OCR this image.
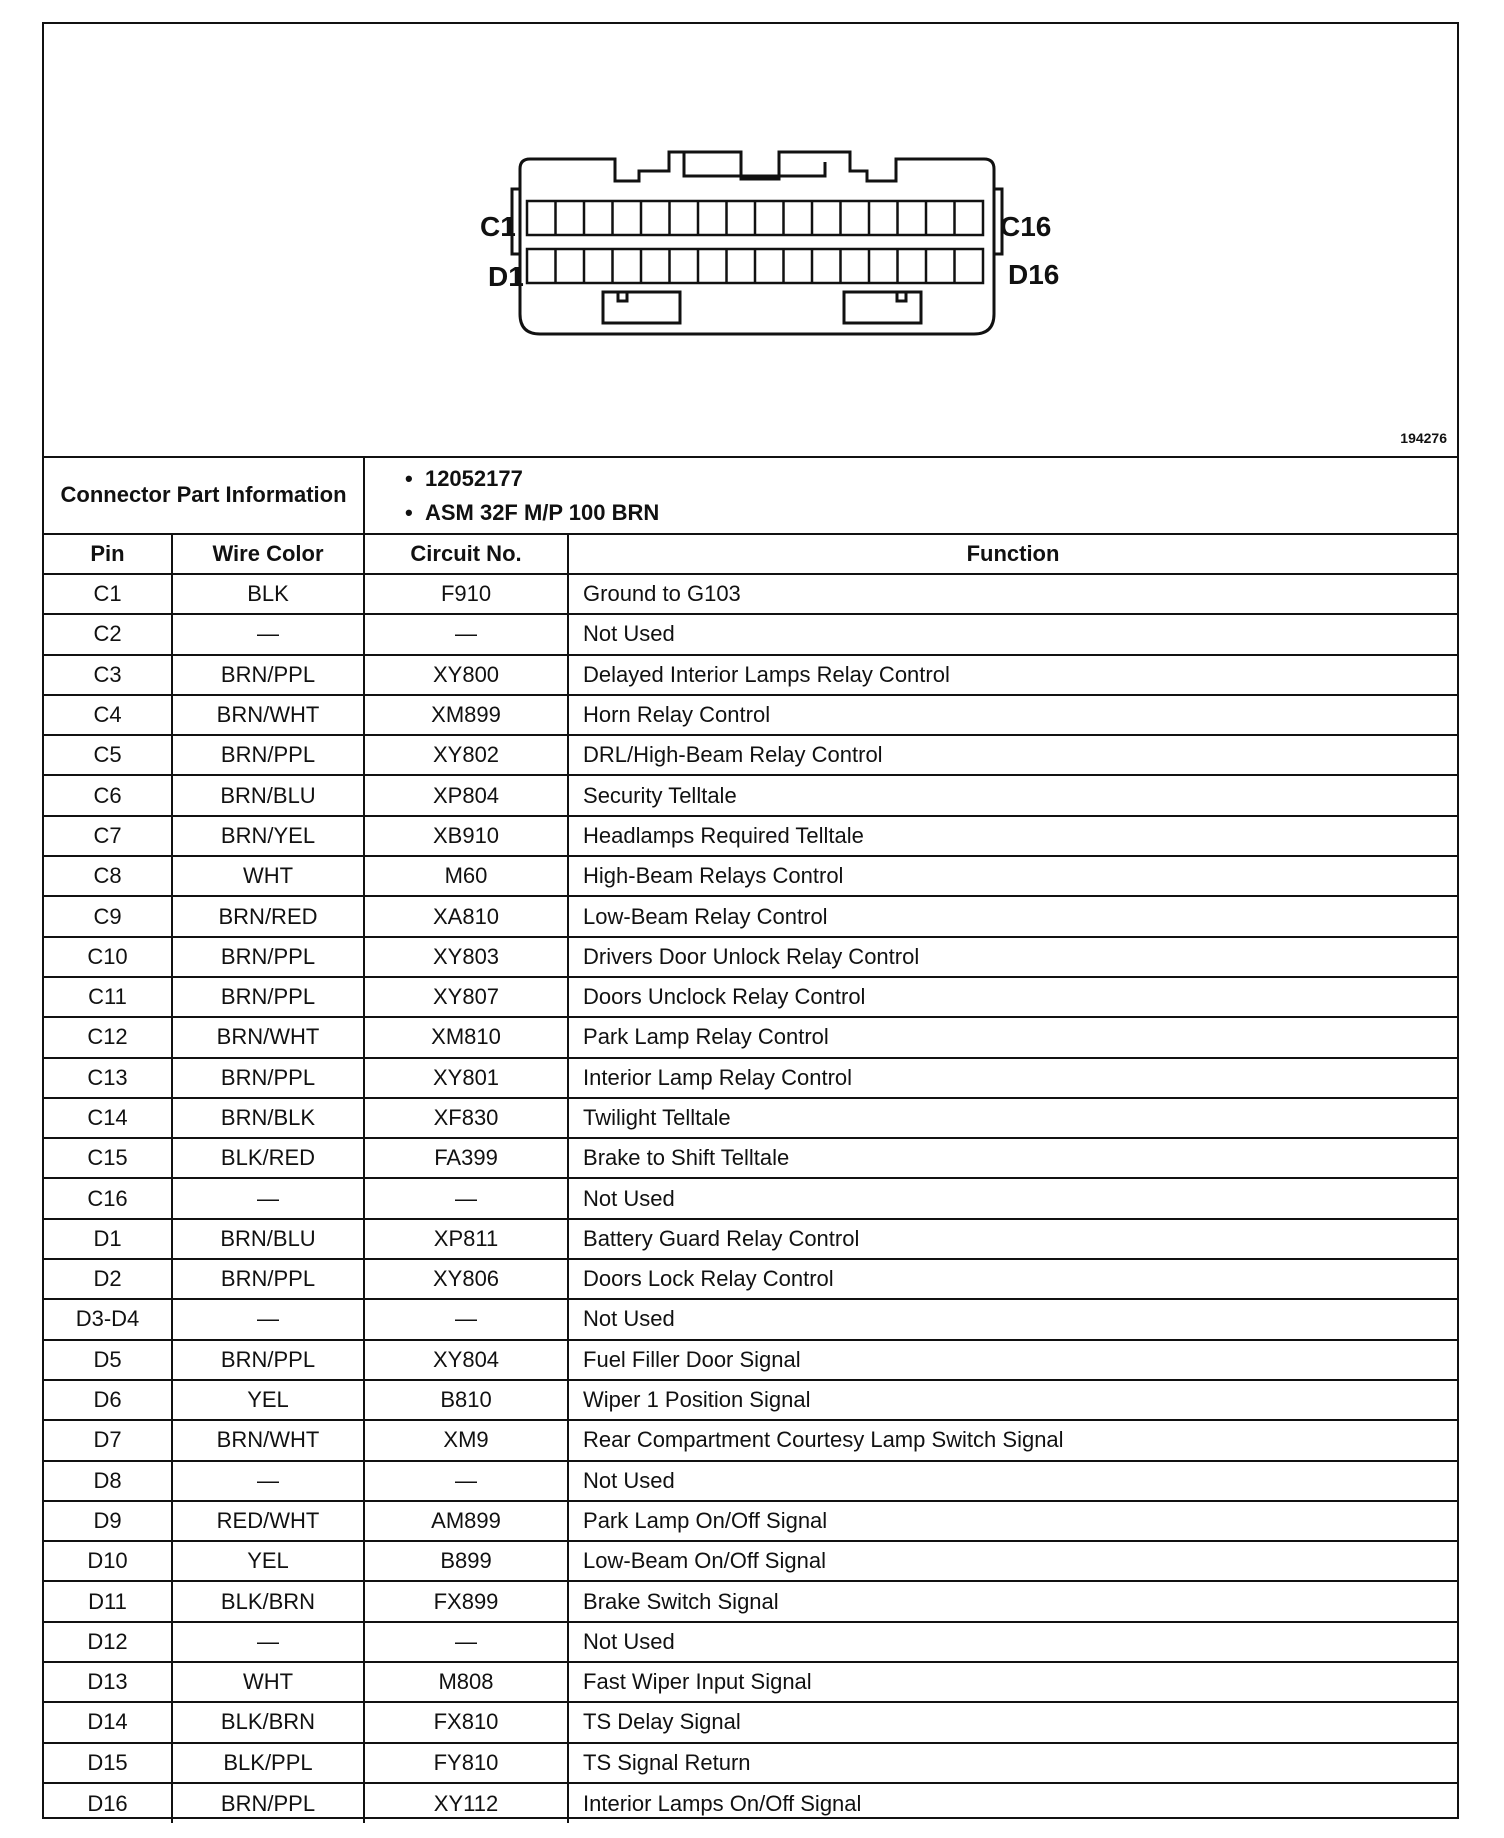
C1	C16
D1	D16
194276
Connector Part Information		•  12052177
•  ASM 32F M/P 100 BRN	

Pin	Wire Color	Circuit No.	Function
C1	BLK	F910	Ground to G103
C2	—	—	Not Used
C3	BRN/PPL	XY800	Delayed Interior Lamps Relay Control
C4	BRN/WHT	XM899	Horn Relay Control
C5	BRN/PPL	XY802	DRL/High-Beam Relay Control
C6	BRN/BLU	XP804	Security Telltale
C7	BRN/YEL	XB910	Headlamps Required Telltale
C8	WHT	M60	High-Beam Relays Control
C9	BRN/RED	XA810	Low-Beam Relay Control
C10	BRN/PPL	XY803	Drivers Door Unlock Relay Control
C11	BRN/PPL	XY807	Doors Unclock Relay Control
C12	BRN/WHT	XM810	Park Lamp Relay Control
C13	BRN/PPL	XY801	Interior Lamp Relay Control
C14	BRN/BLK	XF830	Twilight Telltale
C15	BLK/RED	FA399	Brake to Shift Telltale
C16	—	—	Not Used
D1	BRN/BLU	XP811	Battery Guard Relay Control
D2	BRN/PPL	XY806	Doors Lock Relay Control
D3-D4	—	—	Not Used
D5	BRN/PPL	XY804	Fuel Filler Door Signal
D6	YEL	B810	Wiper 1 Position Signal
D7	BRN/WHT	XM9	Rear Compartment Courtesy Lamp Switch Signal
D8	—	—	Not Used
D9	RED/WHT	AM899	Park Lamp On/Off Signal
D10	YEL	B899	Low-Beam On/Off Signal
D11	BLK/BRN	FX899	Brake Switch Signal
D12	—	—	Not Used
D13	WHT	M808	Fast Wiper Input Signal
D14	BLK/BRN	FX810	TS Delay Signal
D15	BLK/PPL	FY810	TS Signal Return
D16	BRN/PPL	XY112	Interior Lamps On/Off Signal
